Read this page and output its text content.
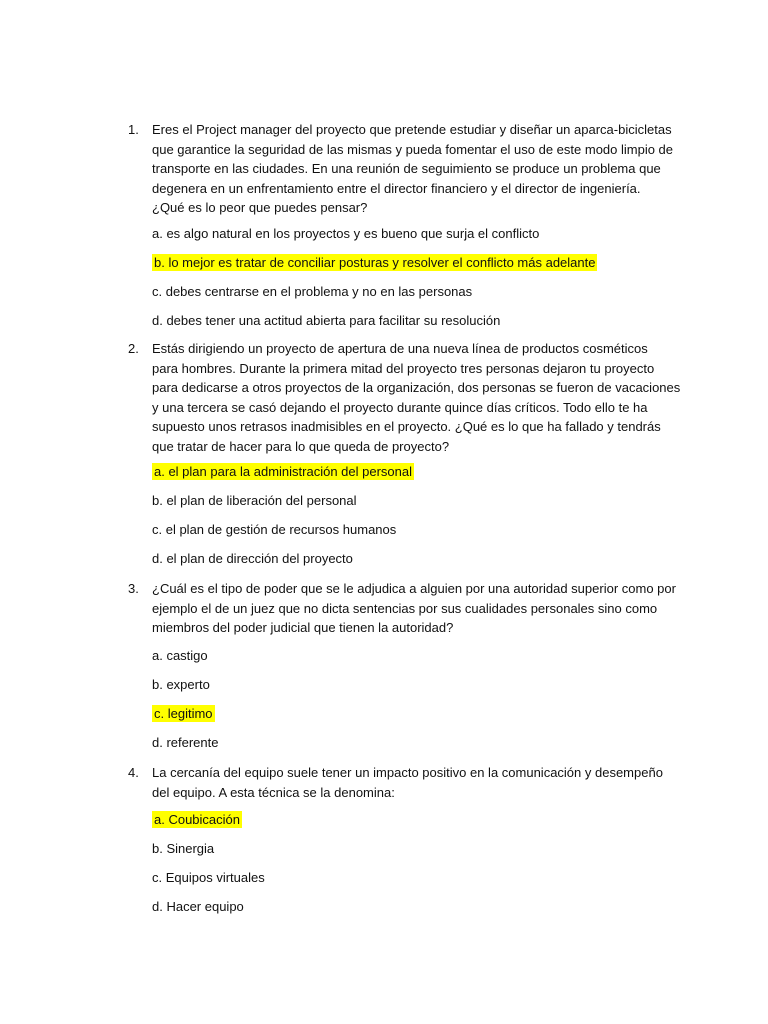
1. Eres el Project manager del proyecto que pretende estudiar y diseñar un aparca-bicicletas
que garantice la seguridad de las mismas y pueda fomentar el uso de este modo limpio de
transporte en las ciudades. En una reunión de seguimiento se produce un problema que
degenera en un enfrentamiento entre el director financiero y el director de ingeniería.
¿Qué es lo peor que puedes pensar?
a. es algo natural en los proyectos y es bueno que surja el conflicto
b. lo mejor es tratar de conciliar posturas y resolver el conflicto más adelante
c. debes centrarse en el problema y no en las personas
d. debes tener una actitud abierta para facilitar su resolución
2. Estás dirigiendo un proyecto de apertura de una nueva línea de productos cosméticos
para hombres. Durante la primera mitad del proyecto tres personas dejaron tu proyecto
para dedicarse a otros proyectos de la organización, dos personas se fueron de vacaciones
y una tercera se casó dejando el proyecto durante quince días críticos. Todo ello te ha
supuesto unos retrasos inadmisibles en el proyecto. ¿Qué es lo que ha fallado y tendrás
que tratar de hacer para lo que queda de proyecto?
a. el plan para la administración del personal
b. el plan de liberación del personal
c. el plan de gestión de recursos humanos
d. el plan de dirección del proyecto
3. ¿Cuál es el tipo de poder que se le adjudica a alguien por una autoridad superior como por
ejemplo el de un juez que no dicta sentencias por sus cualidades personales sino como
miembros del poder judicial que tienen la autoridad?
a. castigo
b. experto
c. legitimo
d. referente
4. La cercanía del equipo suele tener un impacto positivo en la comunicación y desempeño
del equipo. A esta técnica se la denomina:
a. Coubicación
b. Sinergia
c. Equipos virtuales
d. Hacer equipo
